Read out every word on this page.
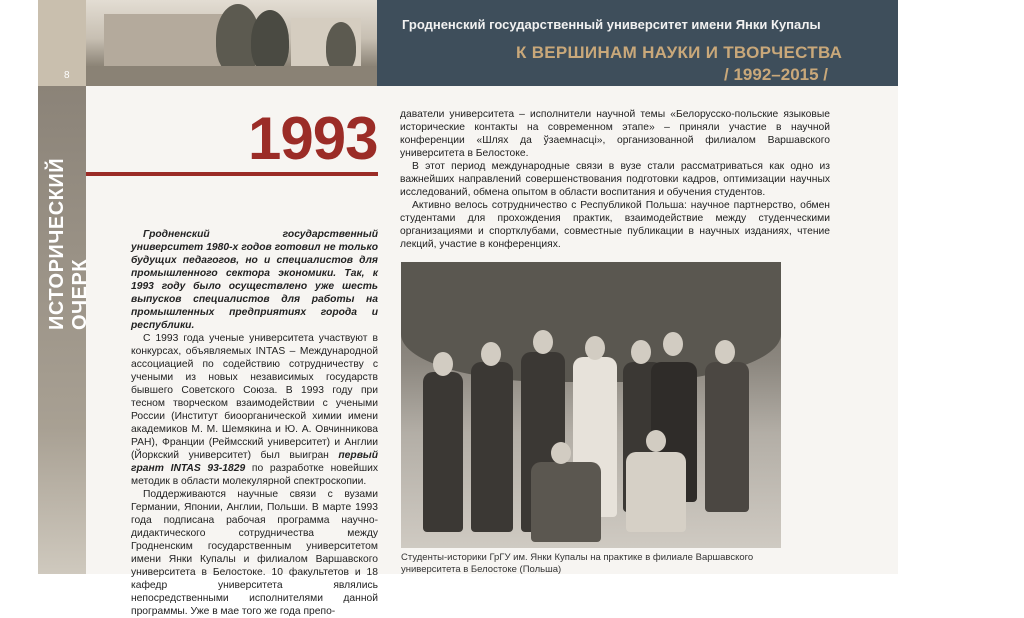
ИСТОРИЧЕСКИЙ ОЧЕРК
8
Гродненский государственный университет имени Янки Купалы
К ВЕРШИНАМ НАУКИ И ТВОРЧЕСТВА
/ 1992–2015 /
1993

Гродненский государственный университет 1980-х годов готовил не только будущих педагогов, но и специалистов для промышленного сектора экономики. Так, к 1993 году было осуществлено уже шесть выпусков специалистов для работы на промышленных предприятиях города и республики.

С 1993 года ученые университета участвуют в конкурсах, объявляемых INTAS – Международной ассоциацией по содействию сотрудничеству с учеными из новых независимых государств бывшего Советского Союза. В 1993 году при тесном творческом взаимодействии с учеными России (Институт биоорганической химии имени академиков М. М. Шемякина и Ю. А. Овчинникова РАН), Франции (Реймсский университет) и Англии (Йоркский университет) был выигран первый грант INTAS 93-1829 по разработке новейших методик в области молекулярной спектроскопии.

Поддерживаются научные связи с вузами Германии, Японии, Англии, Польши. В марте 1993 года подписана рабочая программа научно-дидактического сотрудничества между Гродненским государственным университетом имени Янки Купалы и филиалом Варшавского университета в Белостоке. 10 факультетов и 18 кафедр университета являлись непосредственными исполнителями данной программы. Уже в мае того же года препо-

даватели университета – исполнители научной темы «Белорусско-польские языковые исторические контакты на современном этапе» – приняли участие в научной конференции «Шлях да ўзаемнасці», организованной филиалом Варшавского университета в Белостоке.

В этот период международные связи в вузе стали рассматриваться как одно из важнейших направлений совершенствования подготовки кадров, оптимизации научных исследований, обмена опытом в области воспитания и обучения студентов.

Активно велось сотрудничество с Республикой Польша: научное партнерство, обмен студентами для прохождения практик, взаимодействие между студенческими организациями и спортклубами, совместные публикации в научных изданиях, чтение лекций, участие в конференциях.

Студенты-историки ГрГУ им. Янки Купалы на практике в филиале Варшавского университета в Белостоке (Польша)
